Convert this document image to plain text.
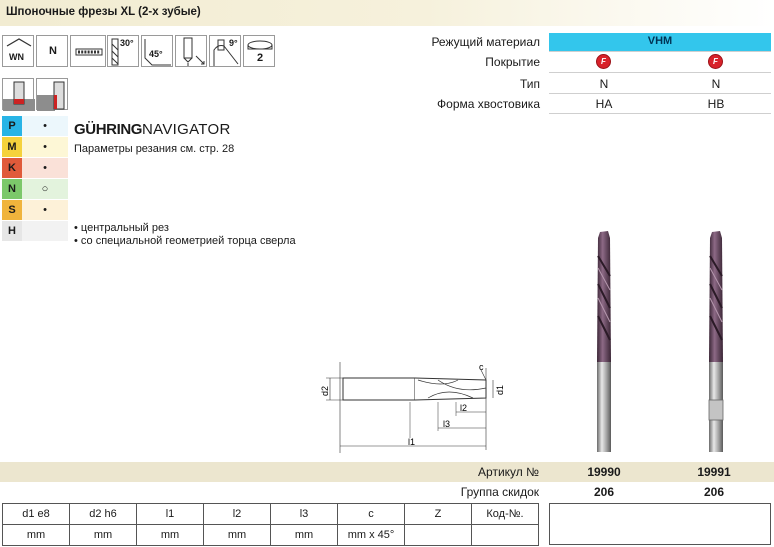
Шпоночные фрезы XL (2-х зубые)
WN N
30°
45°
9°
2
P	•
M	•
K	•
N	○
S	•
H
GÜHRINGNAVIGATOR
Параметры резания см. стр. 28
• центральный рез
• со специальной геометрией торца сверла
Режущий материал	VHM
Покрытие	F	F
Тип	N	N
Форма хвостовика	HA	HB
c
d2	d1
l2
l3
l1
Артикул №	19990	19991
Группа скидок	206	206
d1 e8	d2 h6	l1	l2	l3	c	Z	Код-№.
mm	mm	mm	mm	mm	mm x 45°		
